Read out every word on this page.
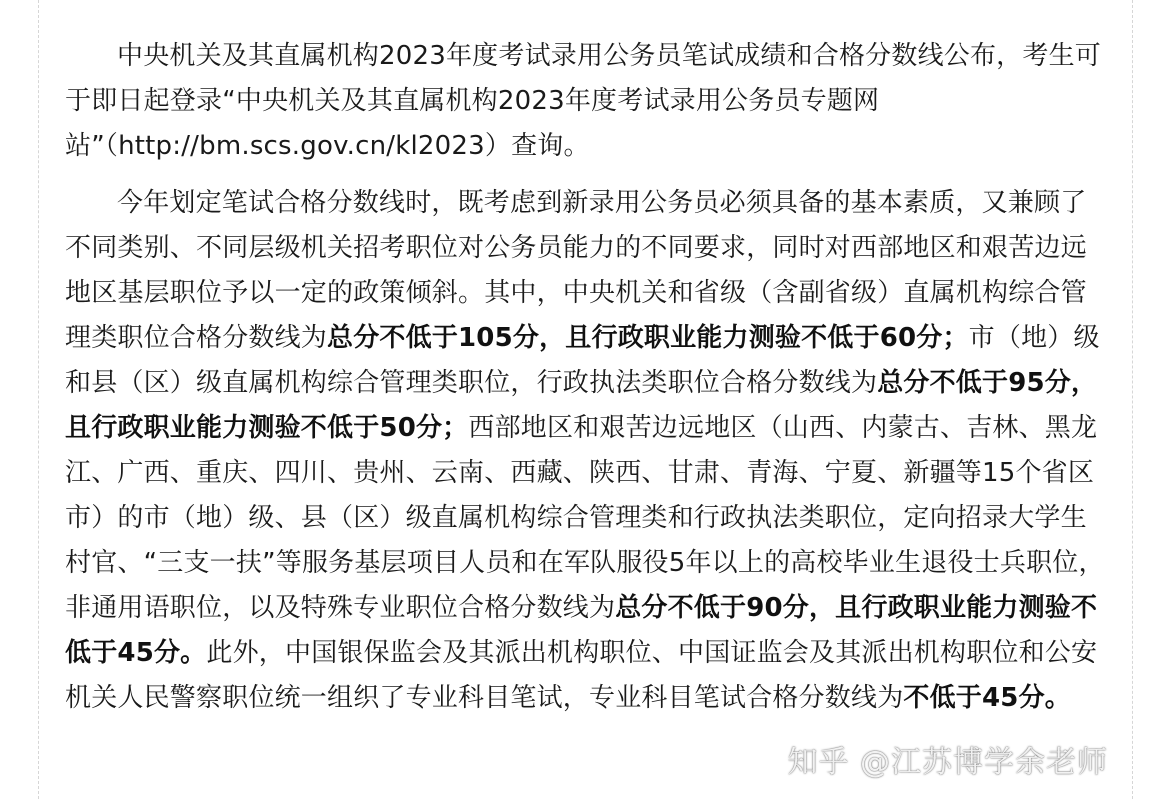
中央机关及其直属机构2023年度考试录用公务员笔试成绩和合格分数线公布，考生可于即日起登录“中央机关及其直属机构2023年度考试录用公务员专题网站”（http://bm.scs.gov.cn/kl2023）查询。

今年划定笔试合格分数线时，既考虑到新录用公务员必须具备的基本素质，又兼顾了不同类别、不同层级机关招考职位对公务员能力的不同要求，同时对西部地区和艰苦边远地区基层职位予以一定的政策倾斜。其中，中央机关和省级（含副省级）直属机构综合管理类职位合格分数线为总分不低于105分，且行政职业能力测验不低于60分；市（地）级和县（区）级直属机构综合管理类职位，行政执法类职位合格分数线为总分不低于95分，且行政职业能力测验不低于50分；西部地区和艰苦边远地区（山西、内蒙古、吉林、黑龙江、广西、重庆、四川、贵州、云南、西藏、陕西、甘肃、青海、宁夏、新疆等15个省区市）的市（地）级、县（区）级直属机构综合管理类和行政执法类职位，定向招录大学生村官、“三支一扶”等服务基层项目人员和在军队服役5年以上的高校毕业生退役士兵职位，非通用语职位，以及特殊专业职位合格分数线为总分不低于90分，且行政职业能力测验不低于45分。此外，中国银保监会及其派出机构职位、中国证监会及其派出机构职位和公安机关人民警察职位统一组织了专业科目笔试，专业科目笔试合格分数线为不低于45分。

知乎 @江苏博学余老师
